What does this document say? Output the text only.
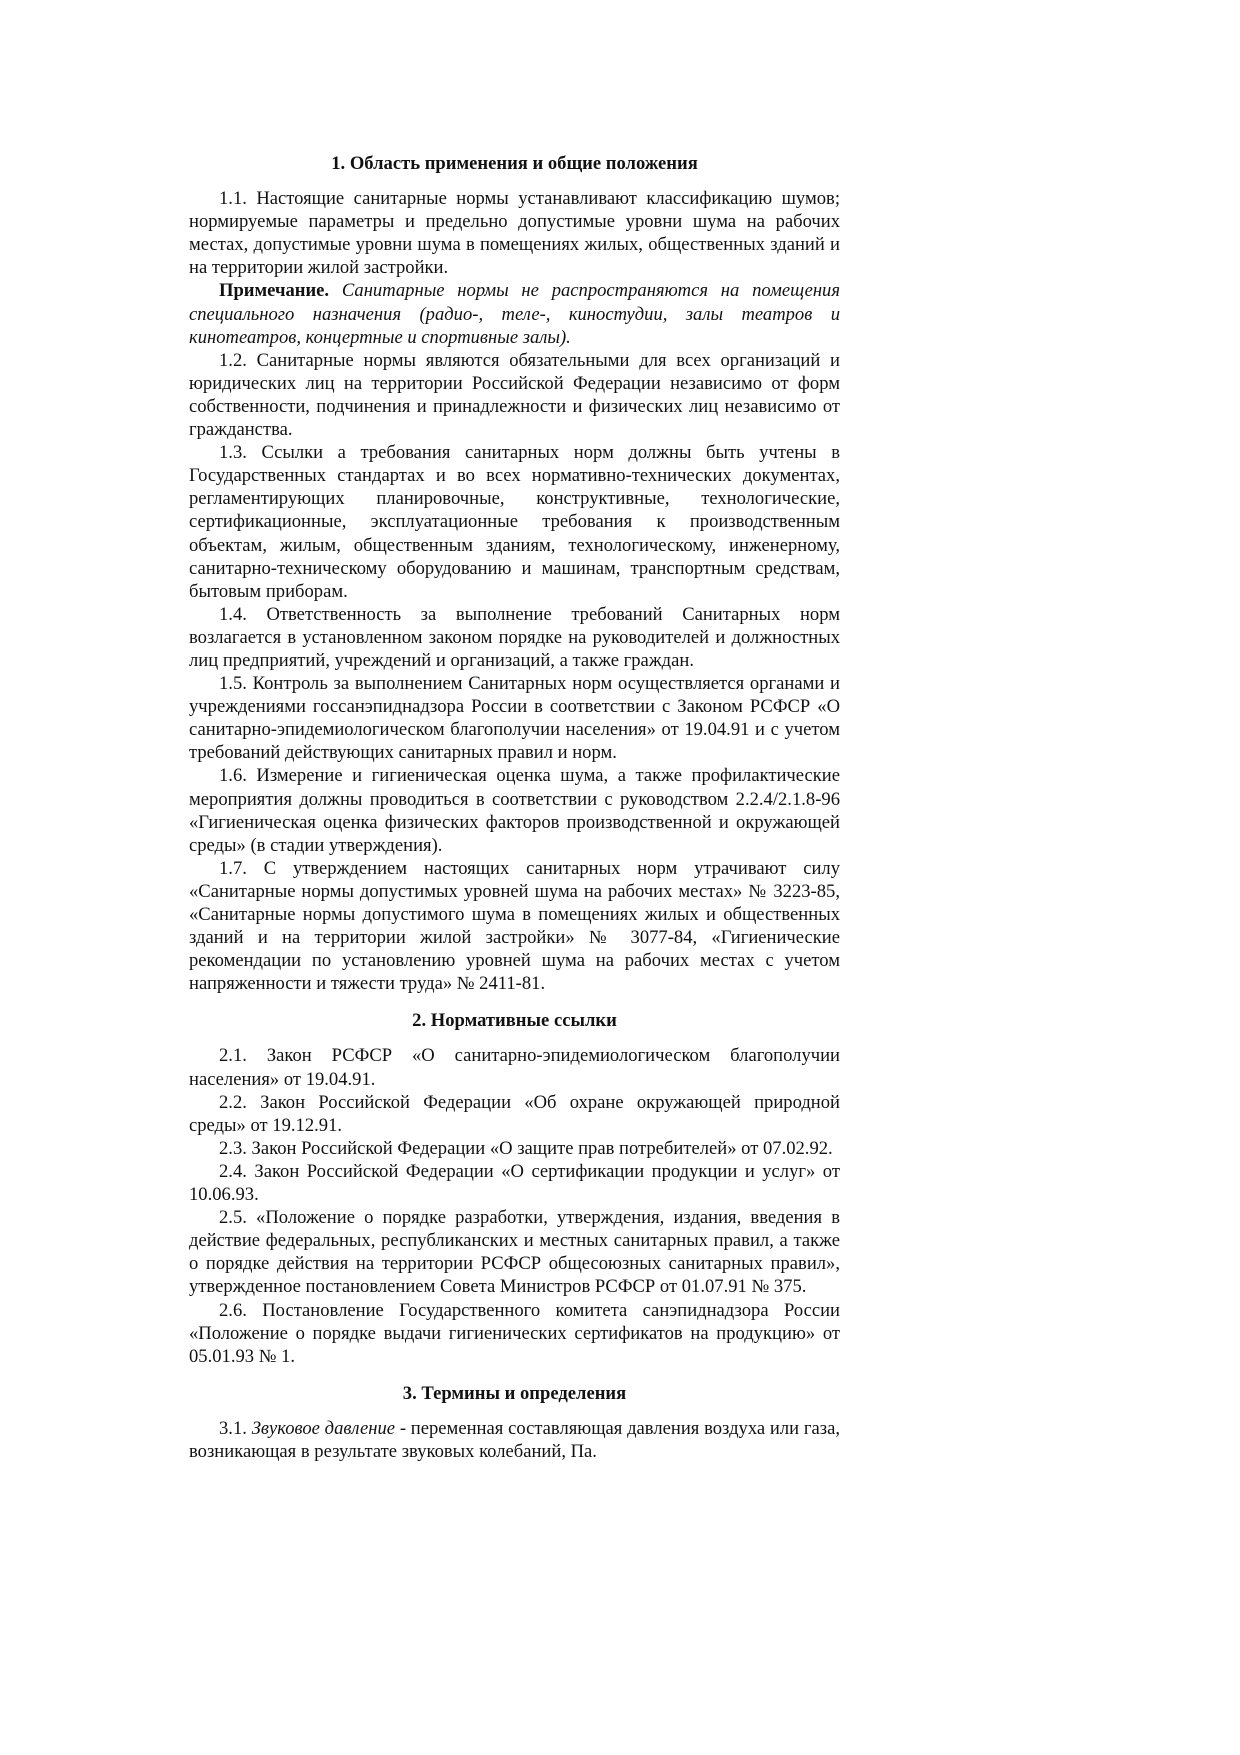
1. Область применения и общие положения

1.1. Настоящие санитарные нормы устанавливают классификацию шумов; нормируемые параметры и предельно допустимые уровни шума на рабочих местах, допустимые уровни шума в помещениях жилых, общественных зданий и на территории жилой застройки.

Примечание. Санитарные нормы не распространяются на помещения специального назначения (радио-, теле-, киностудии, залы театров и кинотеатров, концертные и спортивные залы).

1.2. Санитарные нормы являются обязательными для всех организаций и юридических лиц на территории Российской Федерации независимо от форм собственности, подчинения и принадлежности и физических лиц независимо от гражданства.

1.3. Ссылки а требования санитарных норм должны быть учтены в Государственных стандартах и во всех нормативно-технических документах, регламентирующих планировочные, конструктивные, технологические, сертификационные, эксплуатационные требования к производственным объектам, жилым, общественным зданиям, технологическому, инженерному, санитарно-техническому оборудованию и машинам, транспортным средствам, бытовым приборам.

1.4. Ответственность за выполнение требований Санитарных норм возлагается в установленном законом порядке на руководителей и должностных лиц предприятий, учреждений и организаций, а также граждан.

1.5. Контроль за выполнением Санитарных норм осуществляется органами и учреждениями госсанэпиднадзора России в соответствии с Законом РСФСР «О санитарно-эпидемиологическом благополучии населения» от 19.04.91 и с учетом требований действующих санитарных правил и норм.

1.6. Измерение и гигиеническая оценка шума, а также профилактические мероприятия должны проводиться в соответствии с руководством 2.2.4/2.1.8-96 «Гигиеническая оценка физических факторов производственной и окружающей среды» (в стадии утверждения).

1.7. С утверждением настоящих санитарных норм утрачивают силу «Санитарные нормы допустимых уровней шума на рабочих местах» № 3223-85, «Санитарные нормы допустимого шума в помещениях жилых и общественных зданий и на территории жилой застройки» № 3077-84, «Гигиенические рекомендации по установлению уровней шума на рабочих местах с учетом напряженности и тяжести труда» № 2411-81.

2. Нормативные ссылки

2.1. Закон РСФСР «О санитарно-эпидемиологическом благополучии населения» от 19.04.91.

2.2. Закон Российской Федерации «Об охране окружающей природной среды» от 19.12.91.

2.3. Закон Российской Федерации «О защите прав потребителей» от 07.02.92.

2.4. Закон Российской Федерации «О сертификации продукции и услуг» от 10.06.93.

2.5. «Положение о порядке разработки, утверждения, издания, введения в действие федеральных, республиканских и местных санитарных правил, а также о порядке действия на территории РСФСР общесоюзных санитарных правил», утвержденное постановлением Совета Министров РСФСР от 01.07.91 № 375.

2.6. Постановление Государственного комитета санэпиднадзора России «Положение о порядке выдачи гигиенических сертификатов на продукцию» от 05.01.93 № 1.

3. Термины и определения

3.1. Звуковое давление - переменная составляющая давления воздуха или газа, возникающая в результате звуковых колебаний, Па.
